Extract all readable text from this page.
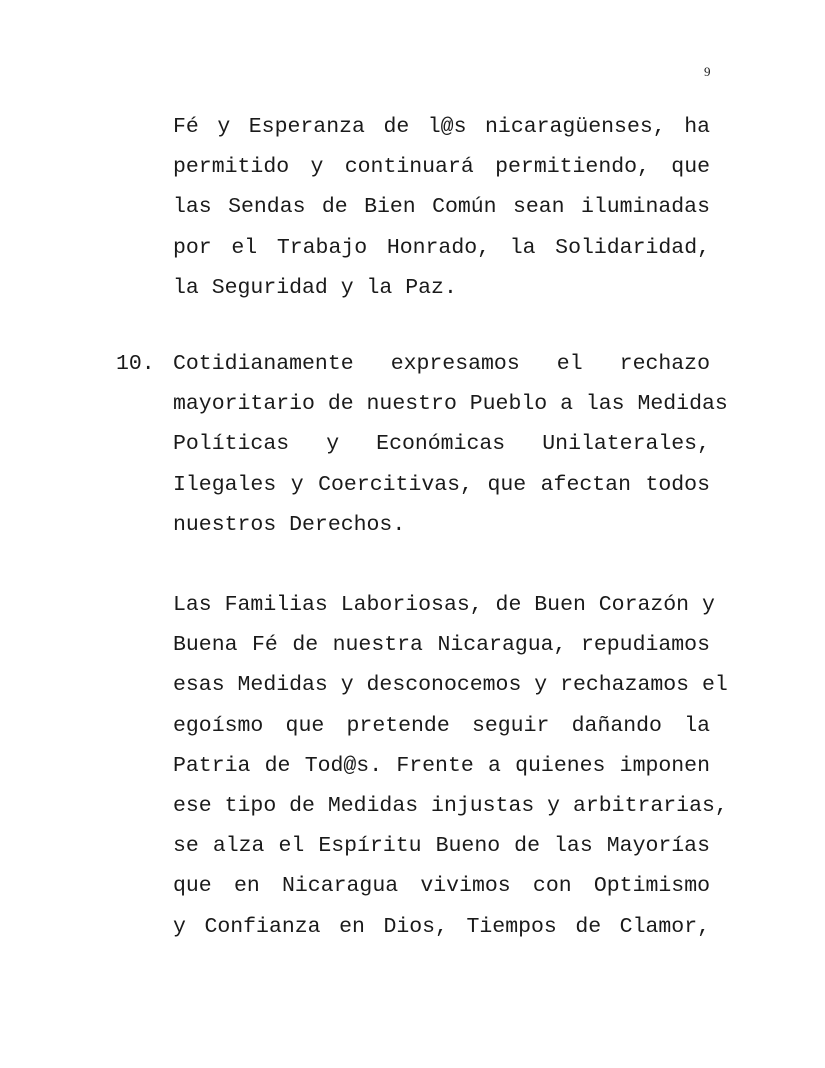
9
Fé y Esperanza de l@s nicaragüenses, ha
permitido y continuará permitiendo, que
las Sendas de Bien Común sean iluminadas
por el Trabajo Honrado, la Solidaridad,
la Seguridad y la Paz.
10. Cotidianamente expresamos el rechazo
mayoritario de nuestro Pueblo a las Medidas
Políticas y Económicas Unilaterales,
Ilegales y Coercitivas, que afectan todos
nuestros Derechos.
Las Familias Laboriosas, de Buen Corazón y
Buena Fé de nuestra Nicaragua, repudiamos
esas Medidas y desconocemos y rechazamos el
egoísmo que pretende seguir dañando la
Patria de Tod@s. Frente a quienes imponen
ese tipo de Medidas injustas y arbitrarias,
se alza el Espíritu Bueno de las Mayorías
que en Nicaragua vivimos con Optimismo
y Confianza en Dios, Tiempos de Clamor,
